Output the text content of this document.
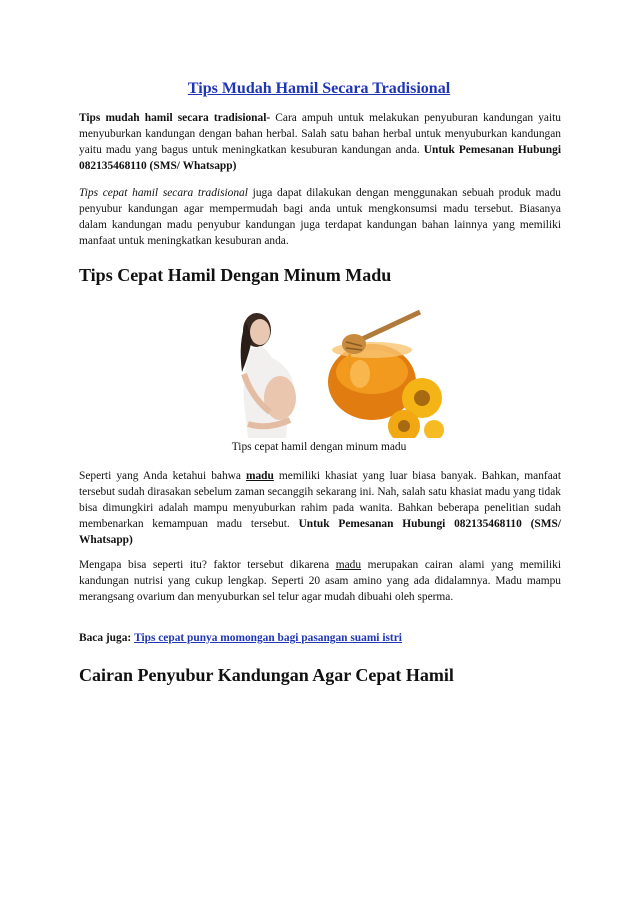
Tips Mudah Hamil Secara Tradisional

Tips mudah hamil secara tradisional- Cara ampuh untuk melakukan penyuburan kandungan yaitu menyuburkan kandungan dengan bahan herbal. Salah satu bahan herbal untuk menyuburkan kandungan yaitu madu yang bagus untuk meningkatkan kesuburan kandungan anda. Untuk Pemesanan Hubungi 082135468110 (SMS/ Whatsapp)

Tips cepat hamil secara tradisional juga dapat dilakukan dengan menggunakan sebuah produk madu penyubur kandungan agar mempermudah bagi anda untuk mengkonsumsi madu tersebut. Biasanya dalam kandungan madu penyubur kandungan juga terdapat kandungan bahan lainnya yang memiliki manfaat untuk meningkatkan kesuburan anda.

Tips Cepat Hamil Dengan Minum Madu
Tips cepat hamil dengan minum madu

Seperti yang Anda ketahui bahwa madu memiliki khasiat yang luar biasa banyak. Bahkan, manfaat tersebut sudah dirasakan sebelum zaman secanggih sekarang ini. Nah, salah satu khasiat madu yang tidak bisa dimungkiri adalah mampu menyuburkan rahim pada wanita. Bahkan beberapa penelitian sudah membenarkan kemampuan madu tersebut. Untuk Pemesanan Hubungi 082135468110 (SMS/ Whatsapp)

Mengapa bisa seperti itu? faktor tersebut dikarena madu merupakan cairan alami yang memiliki kandungan nutrisi yang cukup lengkap. Seperti 20 asam amino yang ada didalamnya. Madu mampu merangsang ovarium dan menyuburkan sel telur agar mudah dibuahi oleh sperma.

Baca juga: Tips cepat punya momongan bagi pasangan suami istri

Cairan Penyubur Kandungan Agar Cepat Hamil
